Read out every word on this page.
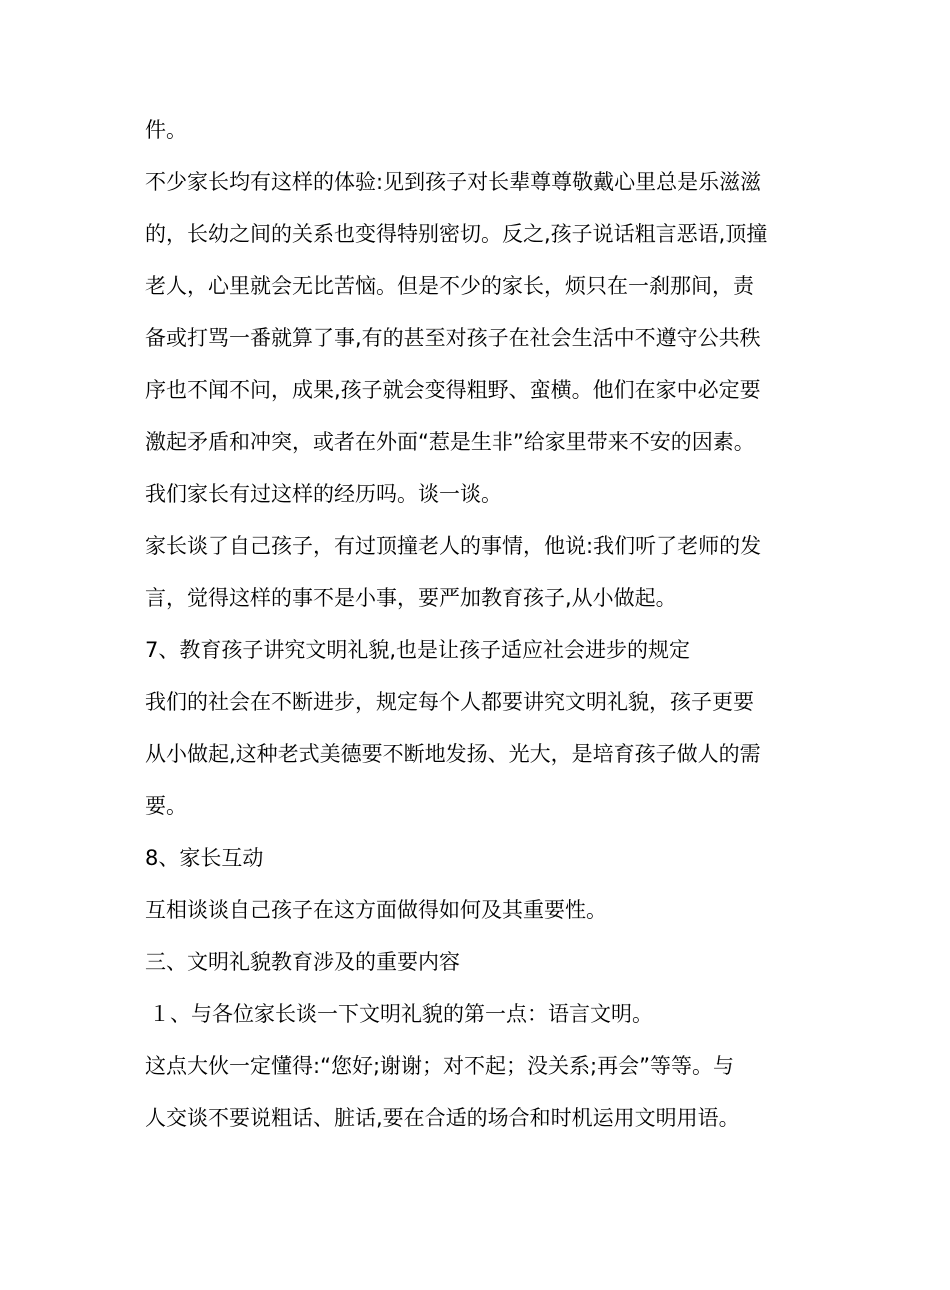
件。
不少家长均有这样的体验:见到孩子对长辈尊尊敬戴心里总是乐滋滋
的，长幼之间的关系也变得特别密切。反之,孩子说话粗言恶语,顶撞
老人，心里就会无比苦恼。但是不少的家长，烦只在一刹那间，责
备或打骂一番就算了事,有的甚至对孩子在社会生活中不遵守公共秩
序也不闻不问，成果,孩子就会变得粗野、蛮横。他们在家中必定要
激起矛盾和冲突，或者在外面“惹是生非”给家里带来不安的因素。
我们家长有过这样的经历吗。谈一谈。
家长谈了自己孩子，有过顶撞老人的事情，他说:我们听了老师的发
言，觉得这样的事不是小事，要严加教育孩子,从小做起。
7、教育孩子讲究文明礼貌,也是让孩子适应社会进步的规定
我们的社会在不断进步，规定每个人都要讲究文明礼貌，孩子更要
从小做起,这种老式美德要不断地发扬、光大，是培育孩子做人的需
要。
8、家长互动
互相谈谈自己孩子在这方面做得如何及其重要性。
三、文明礼貌教育涉及的重要内容
１、与各位家长谈一下文明礼貌的第一点：语言文明。
这点大伙一定懂得:“您好;谢谢；对不起；没关系;再会”等等。与
人交谈不要说粗话、脏话,要在合适的场合和时机运用文明用语。
